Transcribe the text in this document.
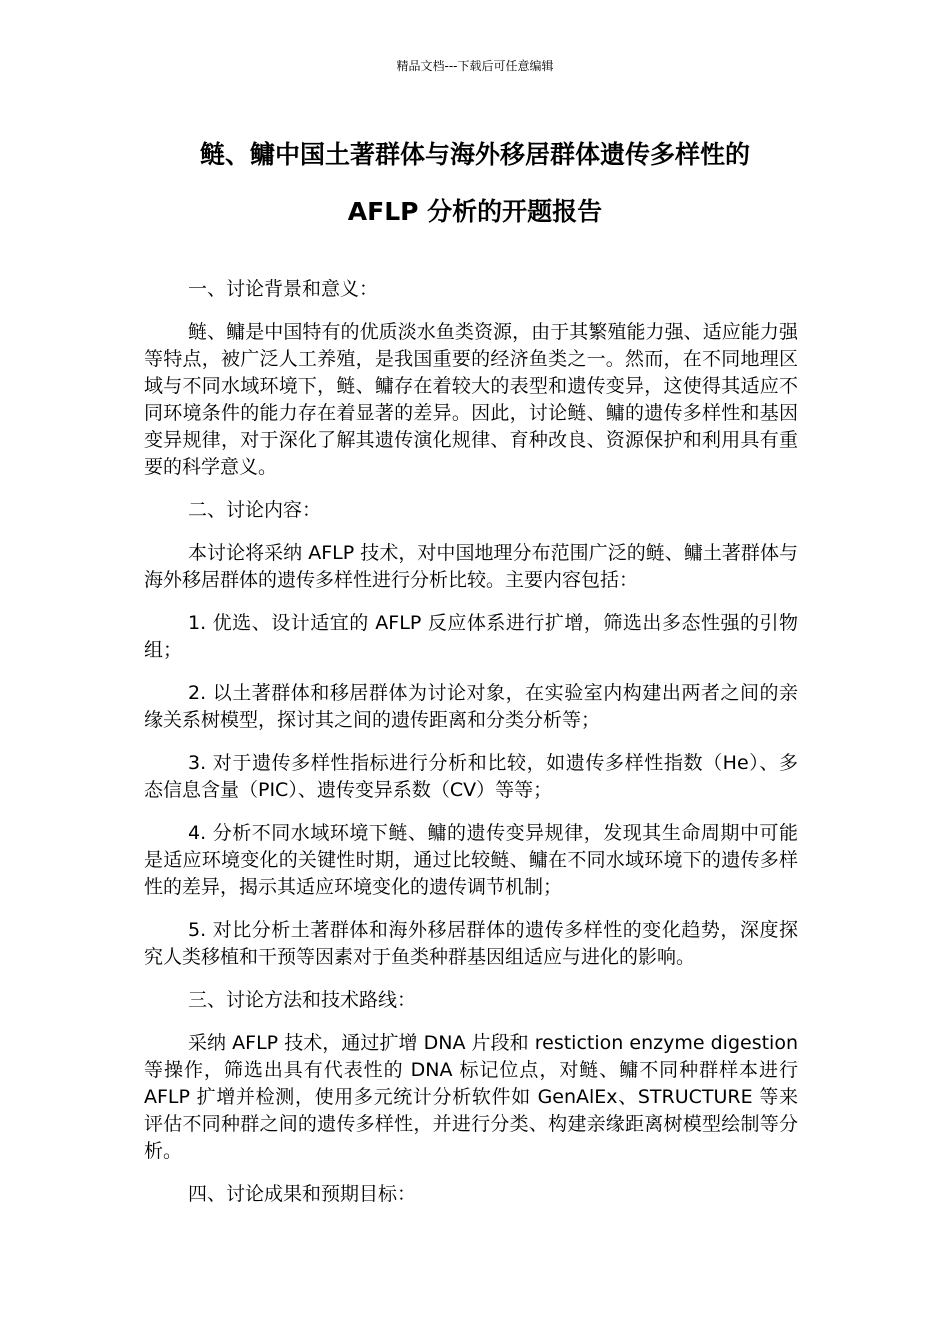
精品文档---下载后可任意编辑
鲢、鳙中国土著群体与海外移居群体遗传多样性的
AFLP 分析的开题报告

一、讨论背景和意义：

鲢、鳙是中国特有的优质淡水鱼类资源，由于其繁殖能力强、适应能力强等特点，被广泛人工养殖，是我国重要的经济鱼类之一。然而，在不同地理区域与不同水域环境下，鲢、鳙存在着较大的表型和遗传变异，这使得其适应不同环境条件的能力存在着显著的差异。因此，讨论鲢、鳙的遗传多样性和基因变异规律，对于深化了解其遗传演化规律、育种改良、资源保护和利用具有重要的科学意义。

二、讨论内容：

本讨论将采纳 AFLP 技术，对中国地理分布范围广泛的鲢、鳙土著群体与海外移居群体的遗传多样性进行分析比较。主要内容包括：

1. 优选、设计适宜的 AFLP 反应体系进行扩增，筛选出多态性强的引物组；

2. 以土著群体和移居群体为讨论对象，在实验室内构建出两者之间的亲缘关系树模型，探讨其之间的遗传距离和分类分析等；

3. 对于遗传多样性指标进行分析和比较，如遗传多样性指数（He）、多态信息含量（PIC）、遗传变异系数（CV）等等；

4. 分析不同水域环境下鲢、鳙的遗传变异规律，发现其生命周期中可能是适应环境变化的关键性时期，通过比较鲢、鳙在不同水域环境下的遗传多样性的差异，揭示其适应环境变化的遗传调节机制；

5. 对比分析土著群体和海外移居群体的遗传多样性的变化趋势，深度探究人类移植和干预等因素对于鱼类种群基因组适应与进化的影响。

三、讨论方法和技术路线：

采纳 AFLP 技术，通过扩增 DNA 片段和 restiction enzyme digestion 等操作，筛选出具有代表性的 DNA 标记位点，对鲢、鳙不同种群样本进行 AFLP 扩增并检测，使用多元统计分析软件如 GenAlEx、STRUCTURE 等来评估不同种群之间的遗传多样性，并进行分类、构建亲缘距离树模型绘制等分析。

四、讨论成果和预期目标：
